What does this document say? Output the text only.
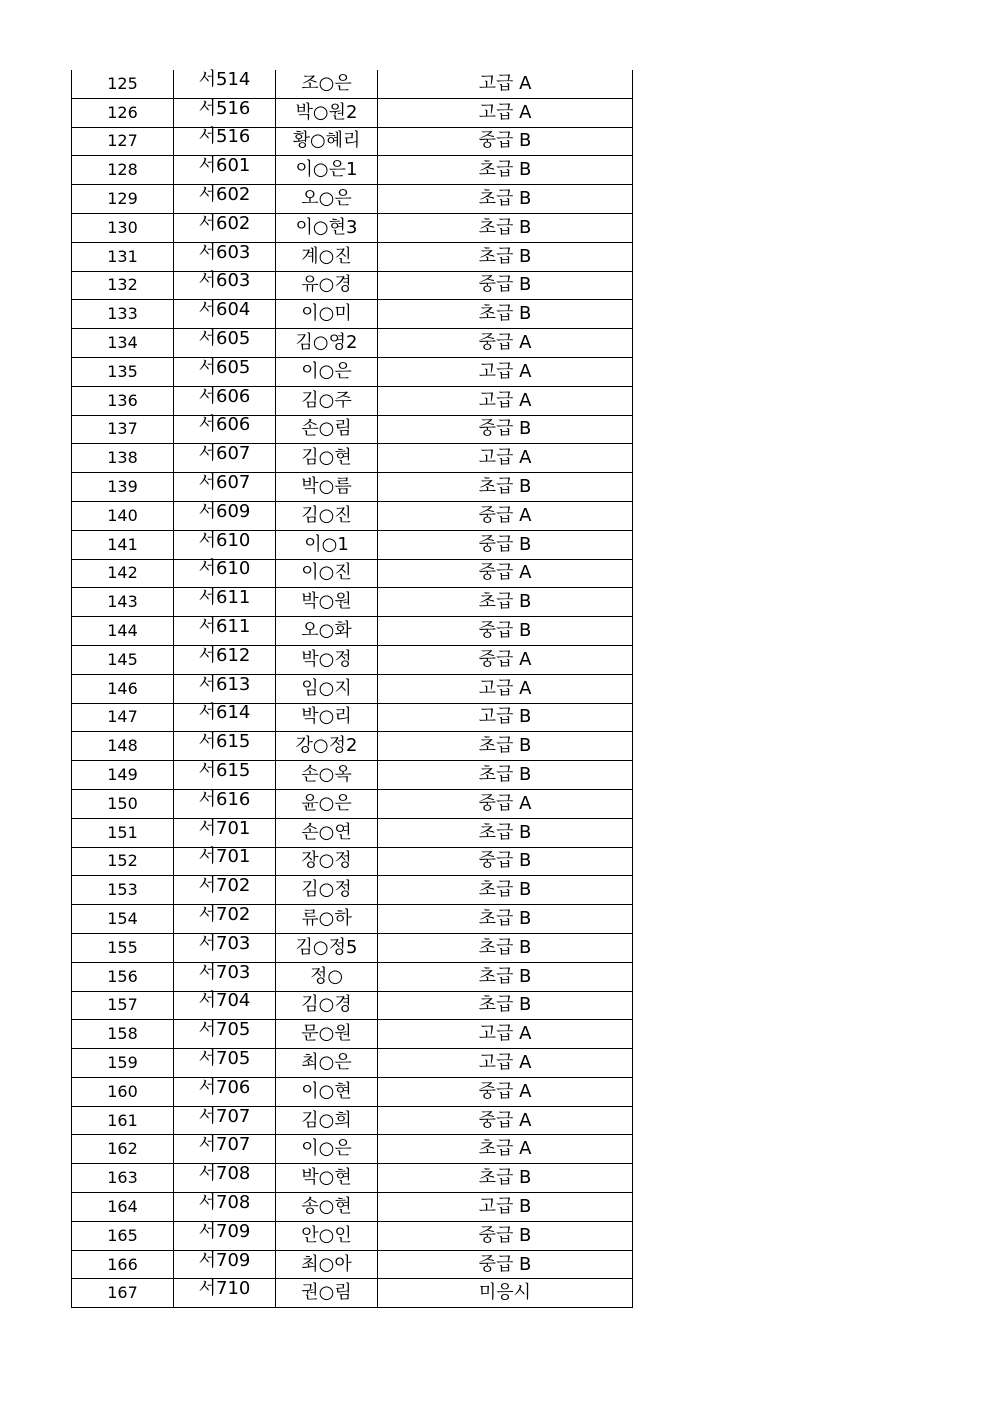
125	서514	조○은	고급 A
126	서516	박○원2	고급 A
127	서516	황○혜리	중급 B
128	서601	이○은1	초급 B
129	서602	오○은	초급 B
130	서602	이○현3	초급 B
131	서603	계○진	초급 B
132	서603	유○경	중급 B
133	서604	이○미	초급 B
134	서605	김○영2	중급 A
135	서605	이○은	고급 A
136	서606	김○주	고급 A
137	서606	손○림	중급 B
138	서607	김○현	고급 A
139	서607	박○름	초급 B
140	서609	김○진	중급 A
141	서610	이○1	중급 B
142	서610	이○진	중급 A
143	서611	박○원	초급 B
144	서611	오○화	중급 B
145	서612	박○정	중급 A
146	서613	임○지	고급 A
147	서614	박○리	고급 B
148	서615	강○정2	초급 B
149	서615	손○옥	초급 B
150	서616	윤○은	중급 A
151	서701	손○연	초급 B
152	서701	장○정	중급 B
153	서702	김○정	초급 B
154	서702	류○하	초급 B
155	서703	김○정5	초급 B
156	서703	정○	초급 B
157	서704	김○경	초급 B
158	서705	문○원	고급 A
159	서705	최○은	고급 A
160	서706	이○현	중급 A
161	서707	김○희	중급 A
162	서707	이○은	초급 A
163	서708	박○현	초급 B
164	서708	송○현	고급 B
165	서709	안○인	중급 B
166	서709	최○아	중급 B
167	서710	권○림	미응시
